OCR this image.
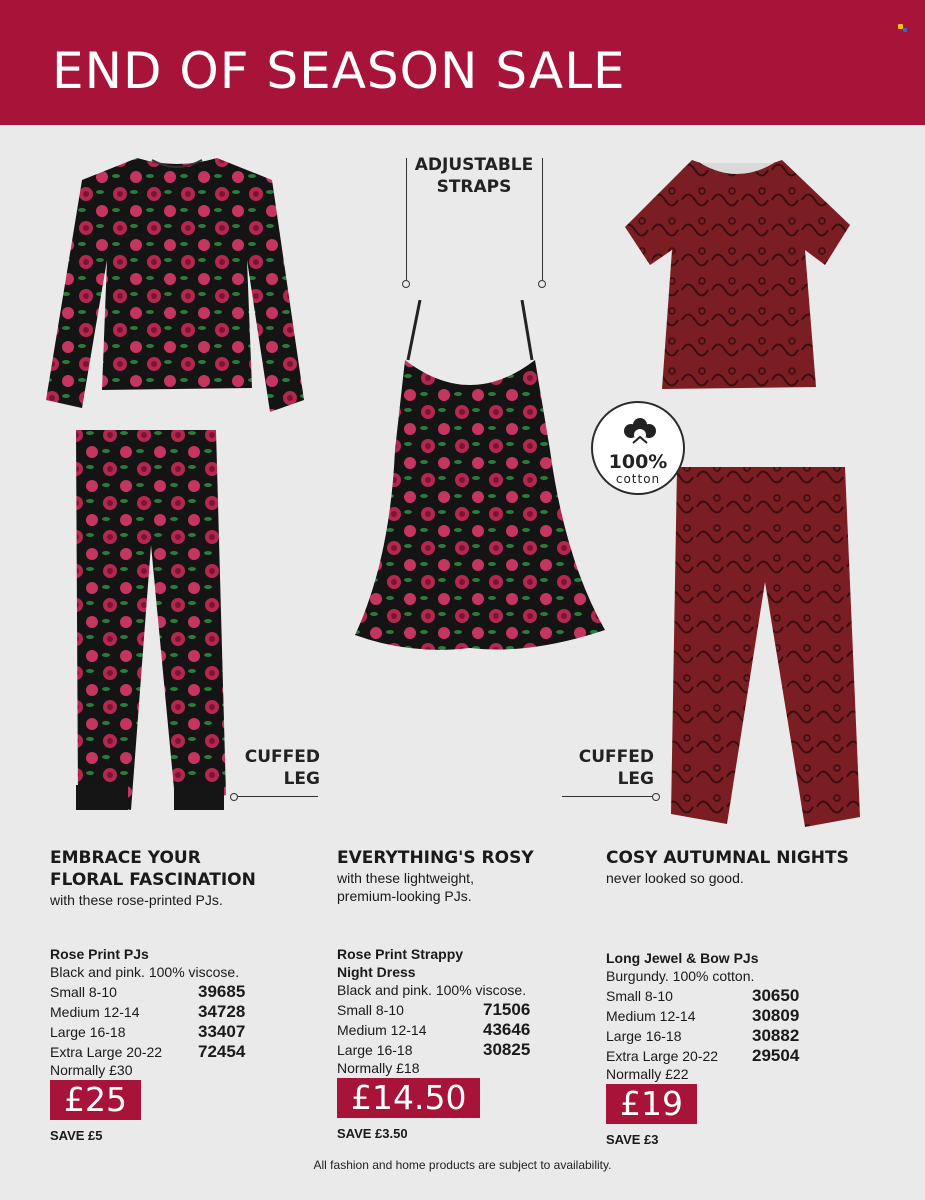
END OF SEASON SALE
100%
cotton
ADJUSTABLE STRAPS
CUFFED LEG
CUFFED LEG
EMBRACE YOUR
FLORAL FASCINATION
with these rose-printed PJs.
Rose Print PJs
Black and pink. 100% viscose.
Small 8-10	39685
Medium 12-14	34728
Large 16-18	33407
Extra Large 20-22 72454
Normally £30
£25
SAVE £5
EVERYTHING'S ROSY
with these lightweight,
premium-looking PJs.
Rose Print Strappy
Night Dress
Black and pink. 100% viscose.
Small 8-10	71506
Medium 12-14	43646
Large 16-18	30825
Normally £18
£14.50
SAVE £3.50
COSY AUTUMNAL NIGHTS
never looked so good.
Long Jewel & Bow PJs
Burgundy. 100% cotton.
Small 8-10	30650
Medium 12-14	30809
Large 16-18	30882
Extra Large 20-22 29504
Normally £22
£19
SAVE £3
All fashion and home products are subject to availability.
